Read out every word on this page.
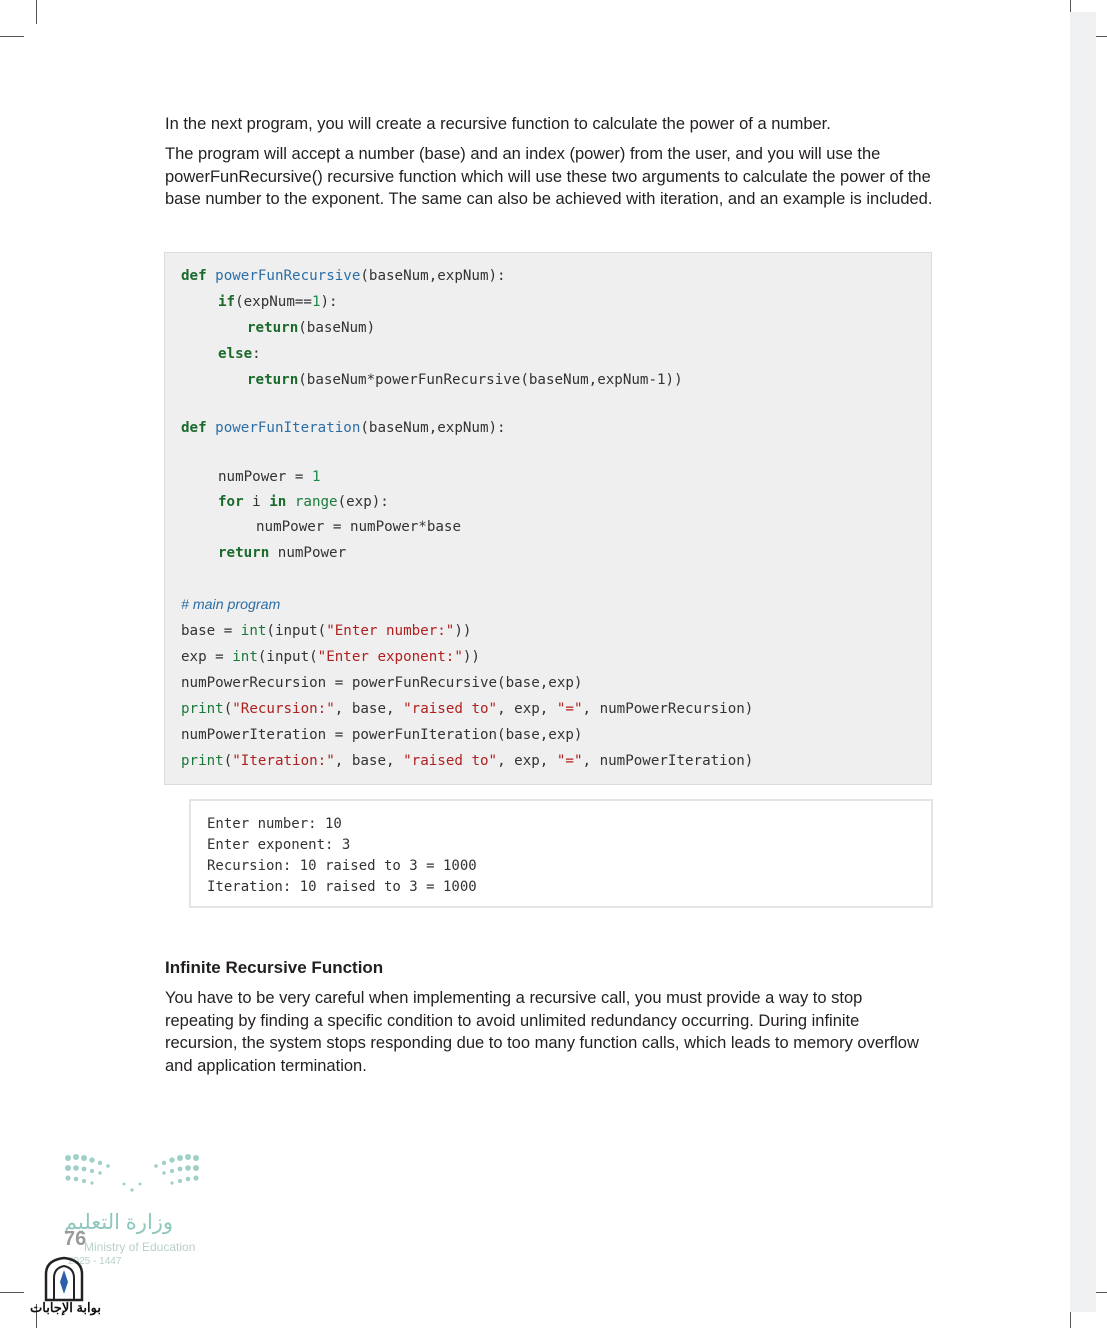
In the next program, you will create a recursive function to calculate the power of a number.

The program will accept a number (base) and an index (power) from the user, and you will use the powerFunRecursive() recursive function which will use these two arguments to calculate the power of the base number to the exponent. The same can also be achieved with iteration, and an example is included.

def powerFunRecursive(baseNum,expNum):
if(expNum==1):
return(baseNum)
else:
return(baseNum*powerFunRecursive(baseNum,expNum-1))
def powerFunIteration(baseNum,expNum):
numPower = 1
for i in range(exp):
numPower = numPower*base
return numPower
# main program
base = int(input("Enter number:"))
exp = int(input("Enter exponent:"))
numPowerRecursion = powerFunRecursive(base,exp)
print("Recursion:", base, "raised to", exp, "=", numPowerRecursion)
numPowerIteration = powerFunIteration(base,exp)
print("Iteration:", base, "raised to", exp, "=", numPowerIteration)
Enter number: 10
Enter exponent: 3
Recursion: 10 raised to 3 = 1000
Iteration: 10 raised to 3 = 1000
Infinite Recursive Function

You have to be very careful when implementing a recursive call, you must provide a way to stop repeating by finding a specific condition to avoid unlimited redundancy occurring. During infinite recursion, the system stops responding due to too many function calls, which leads to memory overflow and application termination.

وزارة التعليم
76
Ministry of Education
2025 - 1447
بوابة الإجابات
